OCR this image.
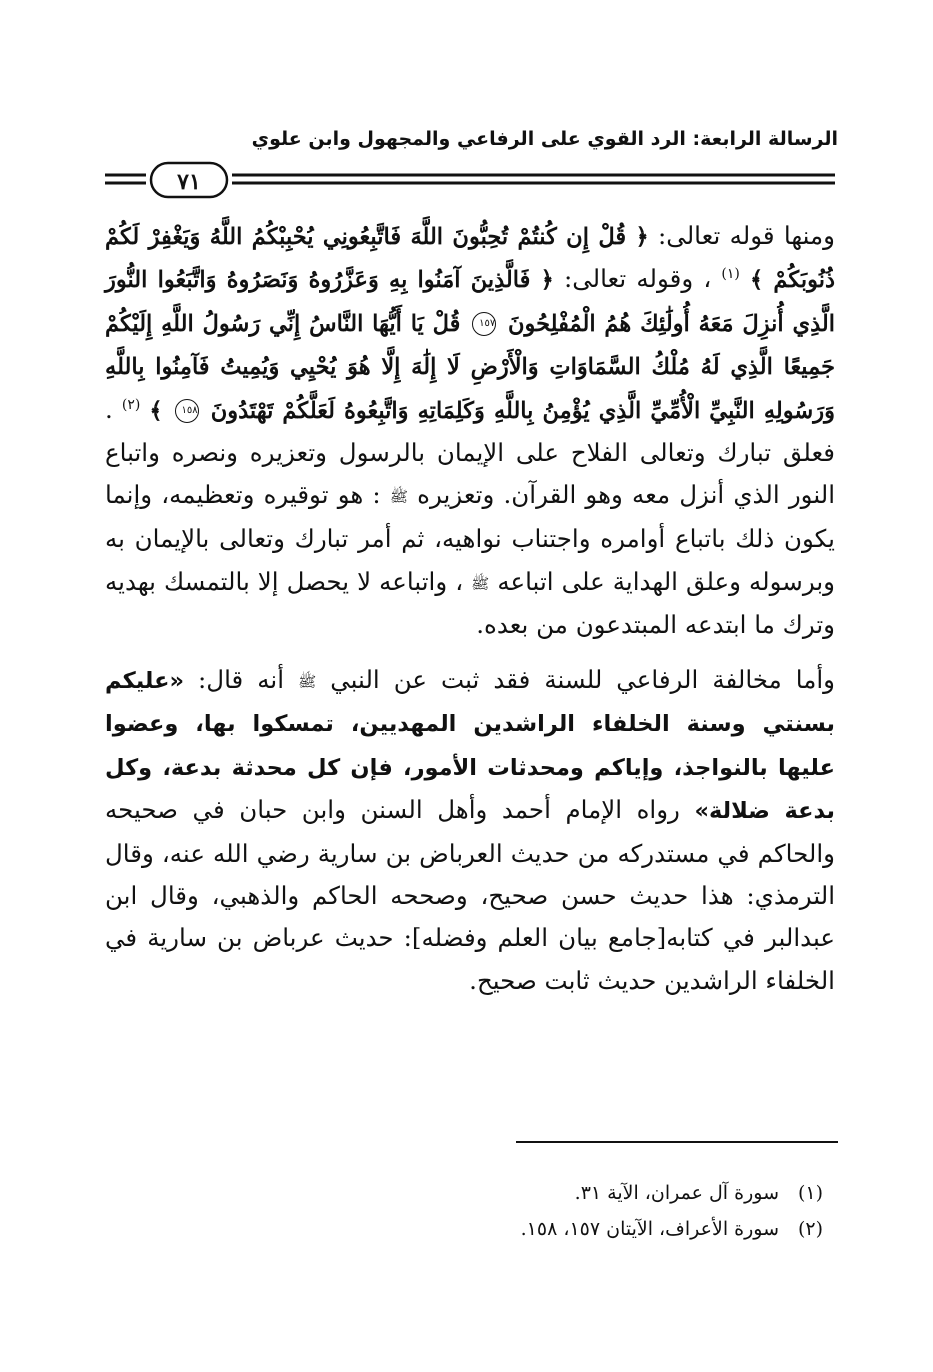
الرسالة الرابعة: الرد القوي على الرفاعي والمجهول وابن علوي
٧١

ومنها قوله تعالى: ﴿ قُلْ إِن كُنتُمْ تُحِبُّونَ اللَّهَ فَاتَّبِعُونِي يُحْبِبْكُمُ اللَّهُ وَيَغْفِرْ لَكُمْ ذُنُوبَكُمْ ﴾ $^{(١)}$ ، وقوله تعالى: ﴿ فَالَّذِينَ آمَنُوا بِهِ وَعَزَّرُوهُ وَنَصَرُوهُ وَاتَّبَعُوا النُّورَ الَّذِي أُنزِلَ مَعَهُ أُولَٰئِكَ هُمُ الْمُفْلِحُونَ ١٥٧ قُلْ يَا أَيُّهَا النَّاسُ إِنِّي رَسُولُ اللَّهِ إِلَيْكُمْ جَمِيعًا الَّذِي لَهُ مُلْكُ السَّمَاوَاتِ وَالْأَرْضِ لَا إِلَٰهَ إِلَّا هُوَ يُحْيِي وَيُمِيتُ فَآمِنُوا بِاللَّهِ وَرَسُولِهِ النَّبِيِّ الْأُمِّيِّ الَّذِي يُؤْمِنُ بِاللَّهِ وَكَلِمَاتِهِ وَاتَّبِعُوهُ لَعَلَّكُمْ تَهْتَدُونَ ١٥٨ ﴾ $^{(٢)}$ . فعلق تبارك وتعالى الفلاح على الإيمان بالرسول وتعزيره ونصره واتباع النور الذي أنزل معه وهو القرآن. وتعزيره ﷺ : هو توقيره وتعظيمه، وإنما يكون ذلك باتباع أوامره واجتناب نواهيه، ثم أمر تبارك وتعالى بالإيمان به وبرسوله وعلق الهداية على اتباعه ﷺ ، واتباعه لا يحصل إلا بالتمسك بهديه وترك ما ابتدعه المبتدعون من بعده.

وأما مخالفة الرفاعي للسنة فقد ثبت عن النبي ﷺ أنه قال: «عليكم بسنتي وسنة الخلفاء الراشدين المهديين، تمسكوا بها، وعضوا عليها بالنواجذ، وإياكم ومحدثات الأمور، فإن كل محدثة بدعة، وكل بدعة ضلالة» رواه الإمام أحمد وأهل السنن وابن حبان في صحيحه والحاكم في مستدركه من حديث العرباض بن سارية رضي الله عنه، وقال الترمذي: هذا حديث حسن صحيح، وصححه الحاكم والذهبي، وقال ابن عبدالبر في كتابه[جامع بيان العلم وفضله]: حديث عرباض بن سارية في الخلفاء الراشدين حديث ثابت صحيح.

(١)سورة آل عمران، الآية ٣١.
(٢)سورة الأعراف، الآيتان ١٥٧، ١٥٨.
